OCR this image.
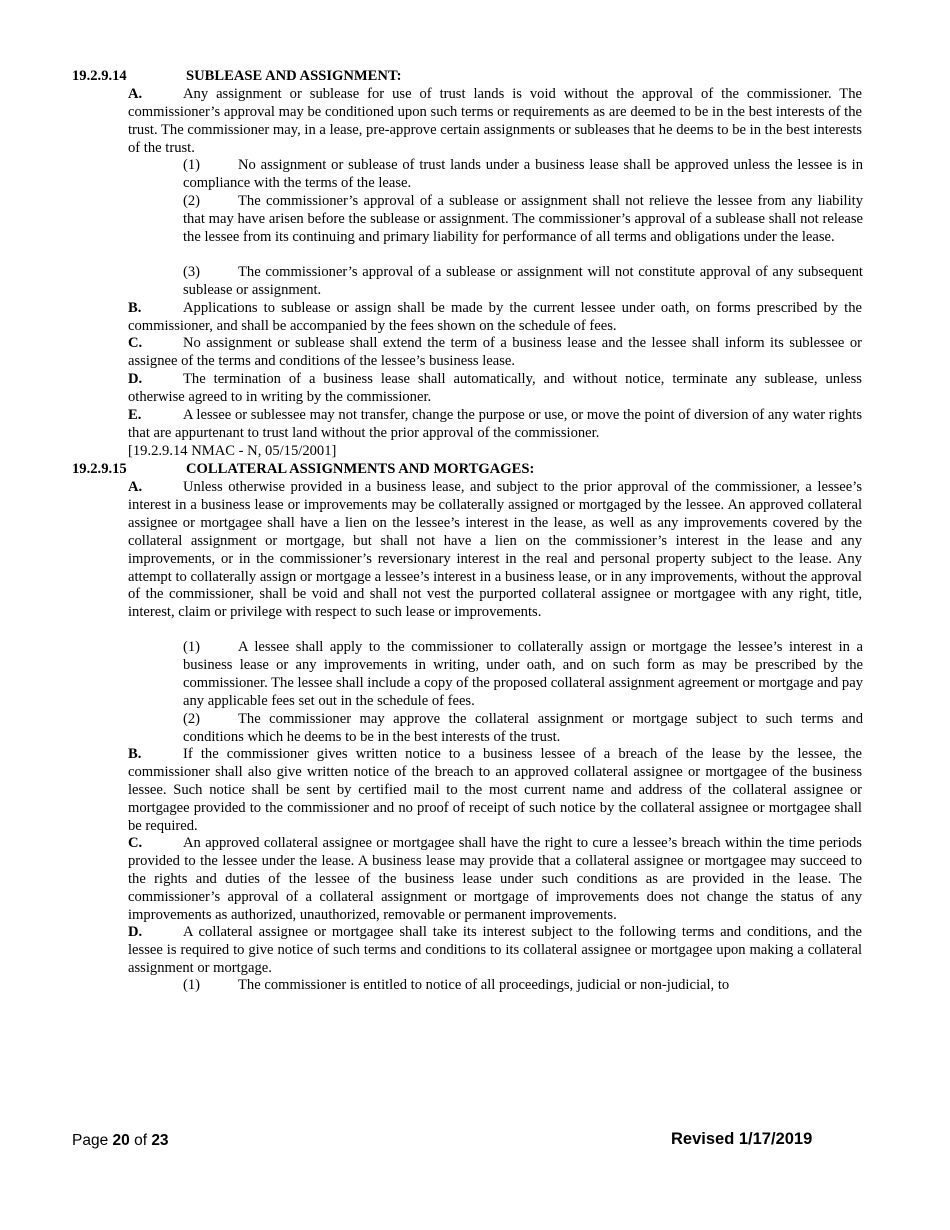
19.2.9.14	SUBLEASE AND ASSIGNMENT:
A.	Any assignment or sublease for use of trust lands is void without the approval of the commissioner. The commissioner’s approval may be conditioned upon such terms or requirements as are deemed to be in the best interests of the trust. The commissioner may, in a lease, pre-approve certain assignments or subleases that he deems to be in the best interests of the trust.
(1)	No assignment or sublease of trust lands under a business lease shall be approved unless the lessee is in compliance with the terms of the lease.
(2)	The commissioner’s approval of a sublease or assignment shall not relieve the lessee from any liability that may have arisen before the sublease or assignment. The commissioner’s approval of a sublease shall not release the lessee from its continuing and primary liability for performance of all terms and obligations under the lease.
(3)	The commissioner’s approval of a sublease or assignment will not constitute approval of any subsequent sublease or assignment.
B.	Applications to sublease or assign shall be made by the current lessee under oath, on forms prescribed by the commissioner, and shall be accompanied by the fees shown on the schedule of fees.
C.	No assignment or sublease shall extend the term of a business lease and the lessee shall inform its sublessee or assignee of the terms and conditions of the lessee’s business lease.
D.	The termination of a business lease shall automatically, and without notice, terminate any sublease, unless otherwise agreed to in writing by the commissioner.
E.	A lessee or sublessee may not transfer, change the purpose or use, or move the point of diversion of any water rights that are appurtenant to trust land without the prior approval of the commissioner.
[19.2.9.14 NMAC - N, 05/15/2001]
19.2.9.15	COLLATERAL ASSIGNMENTS AND MORTGAGES:
A.	Unless otherwise provided in a business lease, and subject to the prior approval of the commissioner, a lessee’s interest in a business lease or improvements may be collaterally assigned or mortgaged by the lessee. An approved collateral assignee or mortgagee shall have a lien on the lessee’s interest in the lease, as well as any improvements covered by the collateral assignment or mortgage, but shall not have a lien on the commissioner’s interest in the lease and any improvements, or in the commissioner’s reversionary interest in the real and personal property subject to the lease. Any attempt to collaterally assign or mortgage a lessee’s interest in a business lease, or in any improvements, without the approval of the commissioner, shall be void and shall not vest the purported collateral assignee or mortgagee with any right, title, interest, claim or privilege with respect to such lease or improvements.
(1)	A lessee shall apply to the commissioner to collaterally assign or mortgage the lessee’s interest in a business lease or any improvements in writing, under oath, and on such form as may be prescribed by the commissioner. The lessee shall include a copy of the proposed collateral assignment agreement or mortgage and pay any applicable fees set out in the schedule of fees.
(2)	The commissioner may approve the collateral assignment or mortgage subject to such terms and conditions which he deems to be in the best interests of the trust.
B.	If the commissioner gives written notice to a business lessee of a breach of the lease by the lessee, the commissioner shall also give written notice of the breach to an approved collateral assignee or mortgagee of the business lessee. Such notice shall be sent by certified mail to the most current name and address of the collateral assignee or mortgagee provided to the commissioner and no proof of receipt of such notice by the collateral assignee or mortgagee shall be required.
C.	An approved collateral assignee or mortgagee shall have the right to cure a lessee’s breach within the time periods provided to the lessee under the lease. A business lease may provide that a collateral assignee or mortgagee may succeed to the rights and duties of the lessee of the business lease under such conditions as are provided in the lease. The commissioner’s approval of a collateral assignment or mortgage of improvements does not change the status of any improvements as authorized, unauthorized, removable or permanent improvements.
D.	A collateral assignee or mortgagee shall take its interest subject to the following terms and conditions, and the lessee is required to give notice of such terms and conditions to its collateral assignee or mortgagee upon making a collateral assignment or mortgage.
(1)	The commissioner is entitled to notice of all proceedings, judicial or non-judicial, to
Page 20 of 23	Revised 1/17/2019
